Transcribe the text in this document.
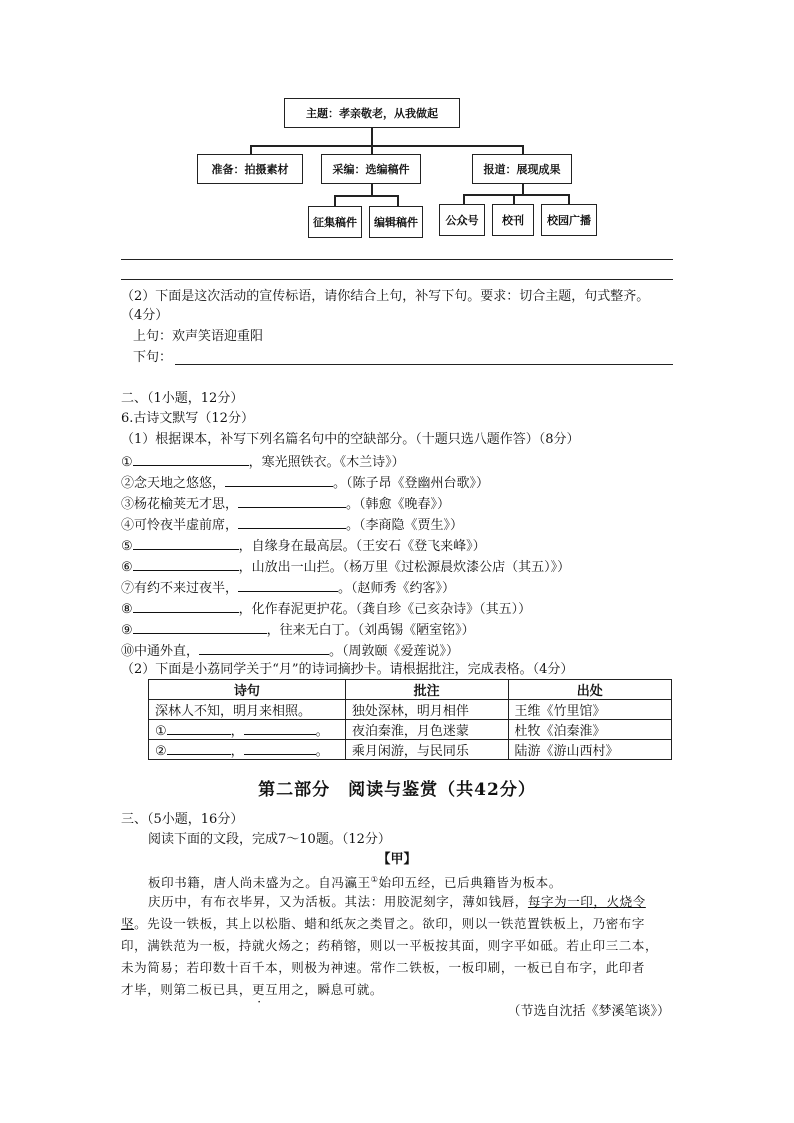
主题：孝亲敬老，从我做起
准备：拍摄素材	采编：选编稿件	报道：展现成果
征集稿件	编辑稿件	公众号	校刊	校园广播
（2）下面是这次活动的宣传标语，请你结合上句，补写下句。要求：切合主题，句式整齐。
（4分）
上句：欢声笑语迎重阳
下句：
二、（1小题，12分）
6.古诗文默写（12分）
（1）根据课本，补写下列名篇名句中的空缺部分。（十题只选八题作答）（8分）
①	，寒光照铁衣。《木兰诗》）
②念天地之悠悠，	。（陈子昂《登幽州台歌》）
③杨花榆荚无才思，	。（韩愈《晚春》）
④可怜夜半虚前席，	。（李商隐《贾生》）
⑤	，自缘身在最高层。（王安石《登飞来峰》）
⑥	，山放出一山拦。（杨万里《过松源晨炊漆公店（其五）》）
⑦有约不来过夜半，	。（赵师秀《约客》）
⑧	，化作春泥更护花。（龚自珍《己亥杂诗》（其五））
⑨	，往来无白丁。（刘禹锡《陋室铭》）
⑩中通外直，	。（周敦颐《爱莲说》）
（2）下面是小荔同学关于“月”的诗词摘抄卡。请根据批注，完成表格。（4分）
诗句	批注	出处
深林人不知，明月来相照。	独处深林，明月相伴	王维《竹里馆》
① ， 。	夜泊秦淮，月色迷蒙	杜牧《泊秦淮》
② ， 。	乘月闲游，与民同乐	陆游《游山西村》
第二部分　阅读与鉴赏（共42分）
三、（5小题，16分）
阅读下面的文段，完成7～10题。（12分）
【甲】
板印书籍，唐人尚未盛为之。自冯瀛王①始印五经，已后典籍皆为板本。
庆历中，有布衣毕昇，又为活板。其法：用胶泥刻字，薄如钱唇，每字为一印，火烧令
坚。先设一铁板，其上以松脂、蜡和纸灰之类冒之。欲印，则以一铁范置铁板上，乃密布字
印，满铁范为一板，持就火炀之；药稍镕，则以一平板按其面，则字平如砥。若止印三二本，
未为简易；若印数十百千本，则极为神速。常作二铁板，一板印刷，一板已自布字，此印者
才毕，则第二板已具，更互用之，瞬息可就。
（节选自沈括《梦溪笔谈》）
